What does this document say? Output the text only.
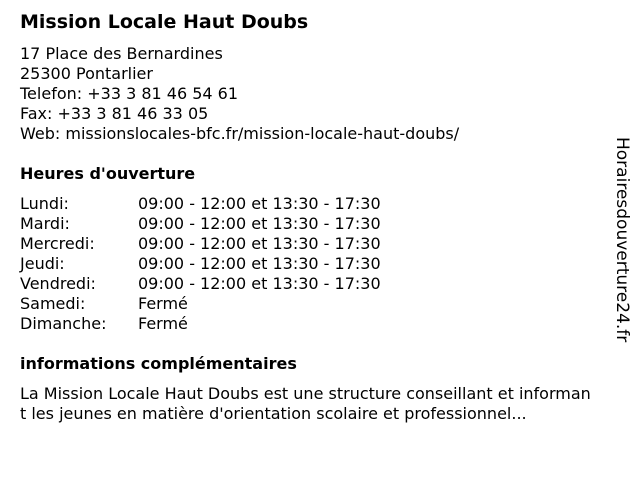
Mission Locale Haut Doubs
17 Place des Bernardines
25300 Pontarlier
Telefon: +33 3 81 46 54 61
Fax: +33 3 81 46 33 05
Web: missionslocales-bfc.fr/mission-locale-haut-doubs/
Heures d'ouverture
Lundi:	09:00 - 12:00 et 13:30 - 17:30
Mardi:	09:00 - 12:00 et 13:30 - 17:30
Mercredi:	09:00 - 12:00 et 13:30 - 17:30
Jeudi:	09:00 - 12:00 et 13:30 - 17:30
Vendredi:	09:00 - 12:00 et 13:30 - 17:30
Samedi:	Fermé
Dimanche: Fermé
informations complémentaires
La Mission Locale Haut Doubs est une structure conseillant et informant les jeunes en matière d'orientation scolaire et professionnel...
Horairesdouverture24.fr
